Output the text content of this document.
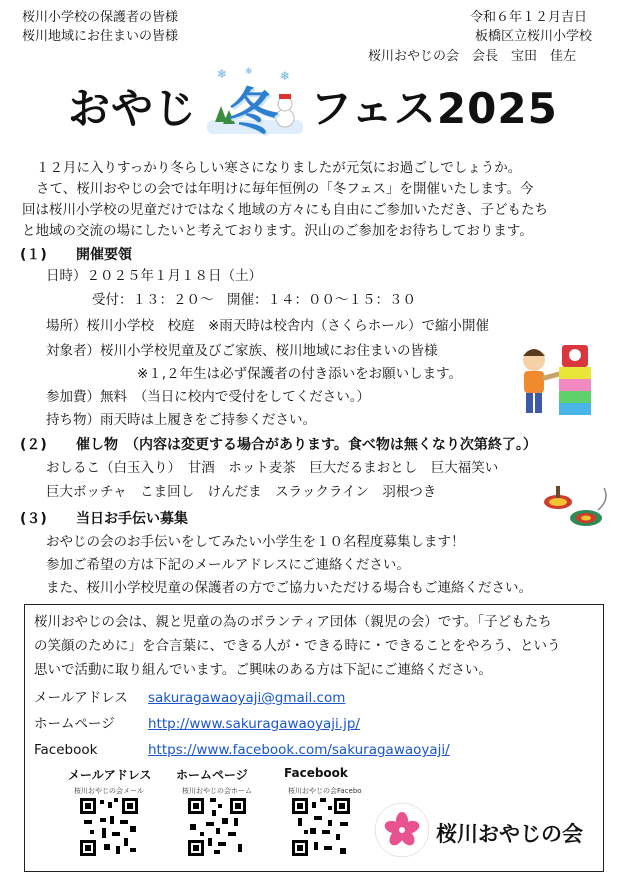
桜川小学校の保護者の皆様
桜川地域にお住まいの皆様
令和６年１２月吉日
板橋区立桜川小学校
桜川おやじの会　会長　宝田　佳左
おやじ
❄	❄
❄
冬 フェス2025
１２月に入りすっかり冬らしい寒さになりましたが元気にお過ごしでしょうか。
さて、桜川おやじの会では年明けに毎年恒例の「冬フェス」を開催いたします。今
回は桜川小学校の児童だけではなく地域の方々にも自由にご参加いただき、子どもたち
と地域の交流の場にしたいと考えております。沢山のご参加をお待ちしております。
(１) 開催要領
日時）２０２５年１月１８日（土）
受付：１３：２０～　開催：１４：００～１５：３０
場所）桜川小学校　校庭　※雨天時は校舎内（さくらホール）で縮小開催
対象者）桜川小学校児童及びご家族、桜川地域にお住まいの皆様
※１,２年生は必ず保護者の付き添いをお願いします。
参加費）無料　（当日に校内で受付をしてください。）
持ち物）雨天時は上履きをご持参ください。
(２) 催し物　（内容は変更する場合があります。食べ物は無くなり次第終了。）
おしるこ（白玉入り）　甘酒　ホット麦茶　巨大だるまおとし　巨大福笑い
巨大ボッチャ　こま回し　けんだま　スラックライン　羽根つき
(３) 当日お手伝い募集
おやじの会のお手伝いをしてみたい小学生を１０名程度募集します！
参加ご希望の方は下記のメールアドレスにご連絡ください。
また、桜川小学校児童の保護者の方でご協力いただける場合もご連絡ください。
桜川おやじの会は、親と児童の為のボランティア団体（親児の会）です。「子どもたち
の笑顔のために」を合言葉に、できる人が・できる時に・できることをやろう、という
思いで活動に取り組んでいます。ご興味のある方は下記にご連絡ください。
メールアドレス sakuragawaoyaji@gmail.com
ホームページ http://www.sakuragawaoyaji.jp/
Facebook	https://www.facebook.com/sakuragawaoyaji/
メールアドレス ホームページ	Facebook
桜川おやじの会メール	桜川おやじの会ホーム	桜川おやじの会Facebo
桜川おやじの会
